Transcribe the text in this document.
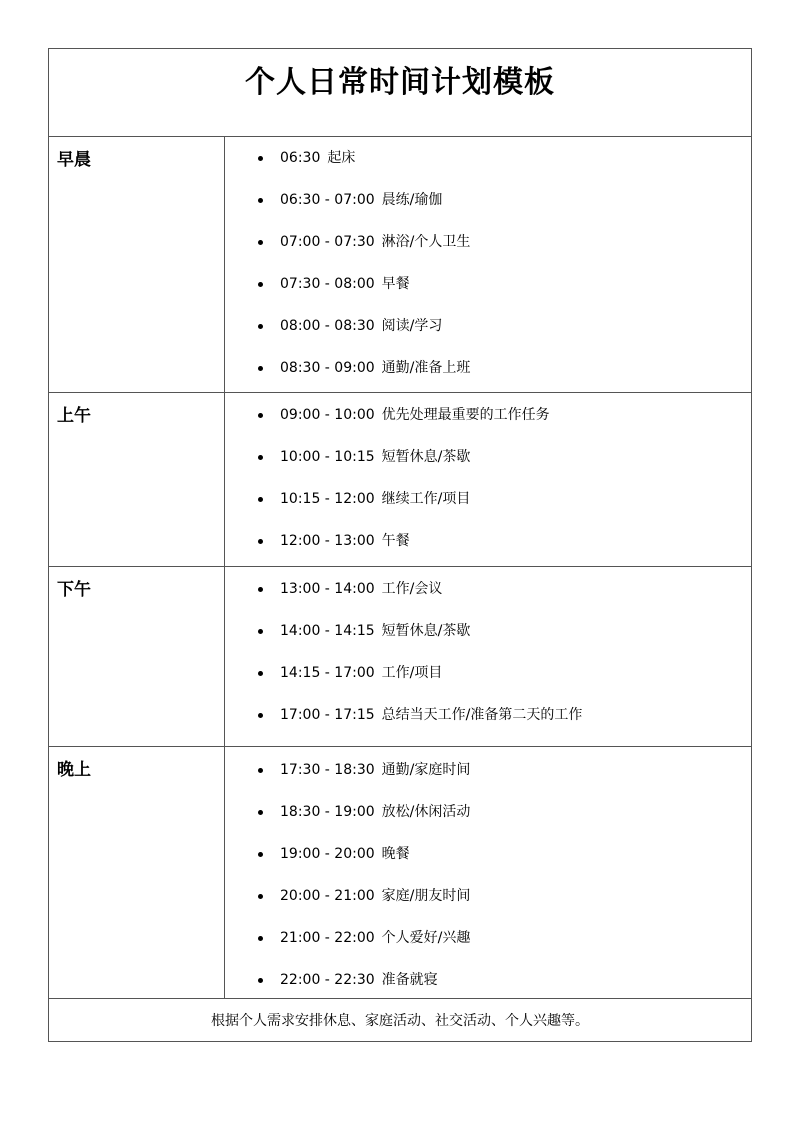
个人日常时间计划模板
早晨	06:30 起床
06:30 - 07:00 晨练/瑜伽
07:00 - 07:30 淋浴/个人卫生
07:30 - 08:00 早餐
08:00 - 08:30 阅读/学习
08:30 - 09:00 通勤/准备上班
上午	09:00 - 10:00 优先处理最重要的工作任务
10:00 - 10:15 短暂休息/茶歇
10:15 - 12:00 继续工作/项目
12:00 - 13:00 午餐
下午	13:00 - 14:00 工作/会议
14:00 - 14:15 短暂休息/茶歇
14:15 - 17:00 工作/项目
17:00 - 17:15 总结当天工作/准备第二天的工作
晚上	17:30 - 18:30 通勤/家庭时间
18:30 - 19:00 放松/休闲活动
19:00 - 20:00 晚餐
20:00 - 21:00 家庭/朋友时间
21:00 - 22:00 个人爱好/兴趣
22:00 - 22:30 准备就寝
根据个人需求安排休息、家庭活动、社交活动、个人兴趣等。
